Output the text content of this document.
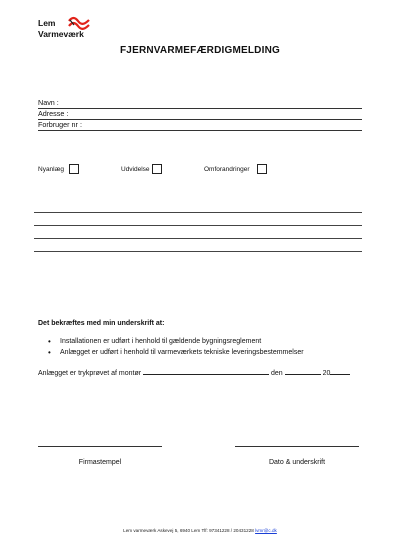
Lem
Varmeværk
FJERNVARMEFÆRDIGMELDING
Navn :
Adresse :
Forbruger nr :
Nyanlæg	Udvidelse	Omforandringer
Det bekræftes med min underskrift at:
• Installationen er udført i henhold til gældende bygningsreglement
• Anlægget er udført i henhold til varmeværkets tekniske leveringsbestemmelser
Anlægget er trykprøvet af montør	den	20
Firmastempel	Dato & underskrift
Lem varmeværk Askevej 5, 6940 Lem Tlf: 97341228 / 20431228 lvmr@c.dk
